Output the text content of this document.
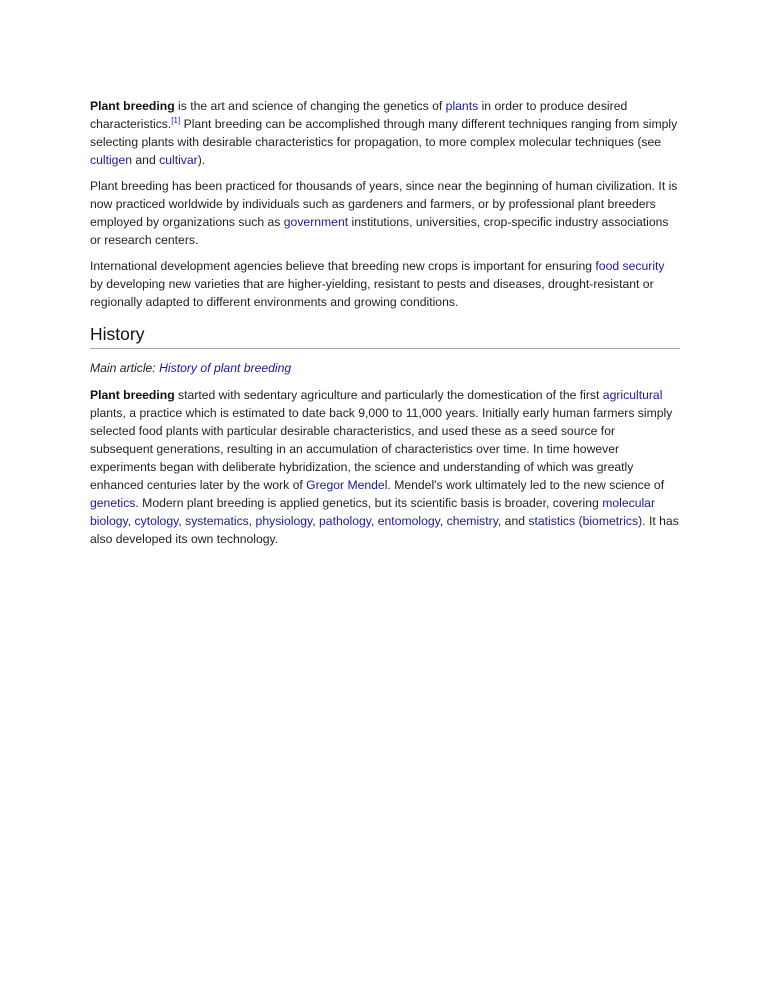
Plant breeding is the art and science of changing the genetics of plants in order to produce desired characteristics.[1] Plant breeding can be accomplished through many different techniques ranging from simply selecting plants with desirable characteristics for propagation, to more complex molecular techniques (see cultigen and cultivar).

Plant breeding has been practiced for thousands of years, since near the beginning of human civilization. It is now practiced worldwide by individuals such as gardeners and farmers, or by professional plant breeders employed by organizations such as government institutions, universities, crop-specific industry associations or research centers.

International development agencies believe that breeding new crops is important for ensuring food security by developing new varieties that are higher-yielding, resistant to pests and diseases, drought-resistant or regionally adapted to different environments and growing conditions.

History

Main article: History of plant breeding

Plant breeding started with sedentary agriculture and particularly the domestication of the first agricultural plants, a practice which is estimated to date back 9,000 to 11,000 years. Initially early human farmers simply selected food plants with particular desirable characteristics, and used these as a seed source for subsequent generations, resulting in an accumulation of characteristics over time. In time however experiments began with deliberate hybridization, the science and understanding of which was greatly enhanced centuries later by the work of Gregor Mendel. Mendel's work ultimately led to the new science of genetics. Modern plant breeding is applied genetics, but its scientific basis is broader, covering molecular biology, cytology, systematics, physiology, pathology, entomology, chemistry, and statistics (biometrics). It has also developed its own technology.
